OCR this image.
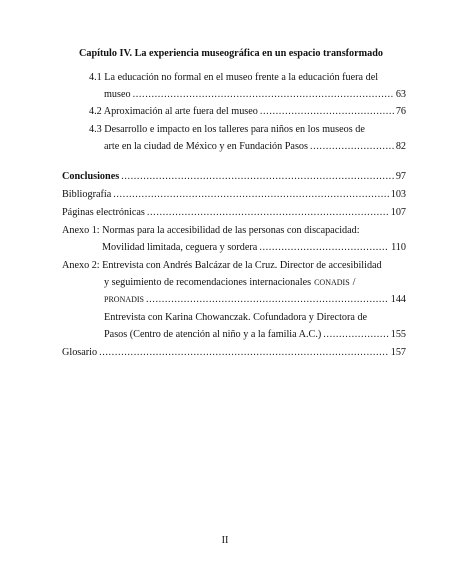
Capítulo IV. La experiencia museográfica en un espacio transformado
4.1 La educación no formal en el museo frente a la educación fuera del
museo .....	63
4.2 Aproximación al arte fuera del museo .....	76
4.3 Desarrollo e impacto en los talleres para niños en los museos de
arte en la ciudad de México y en Fundación Pasos .....	82
Conclusiones .....	97
Bibliografía .....	103
Páginas electrónicas .....	107
Anexo 1: Normas para la accesibilidad de las personas con discapacidad:
Movilidad limitada, ceguera y sordera .....	110
Anexo 2: Entrevista con Andrés Balcázar de la Cruz. Director de accesibilidad
y seguimiento de recomendaciones internacionales CONADIS /
PRONADIS .....	144
Entrevista con Karina Chowanczak. Cofundadora y Directora de
Pasos (Centro de atención al niño y a la familia A.C.) .....	155
Glosario .....	157
II
